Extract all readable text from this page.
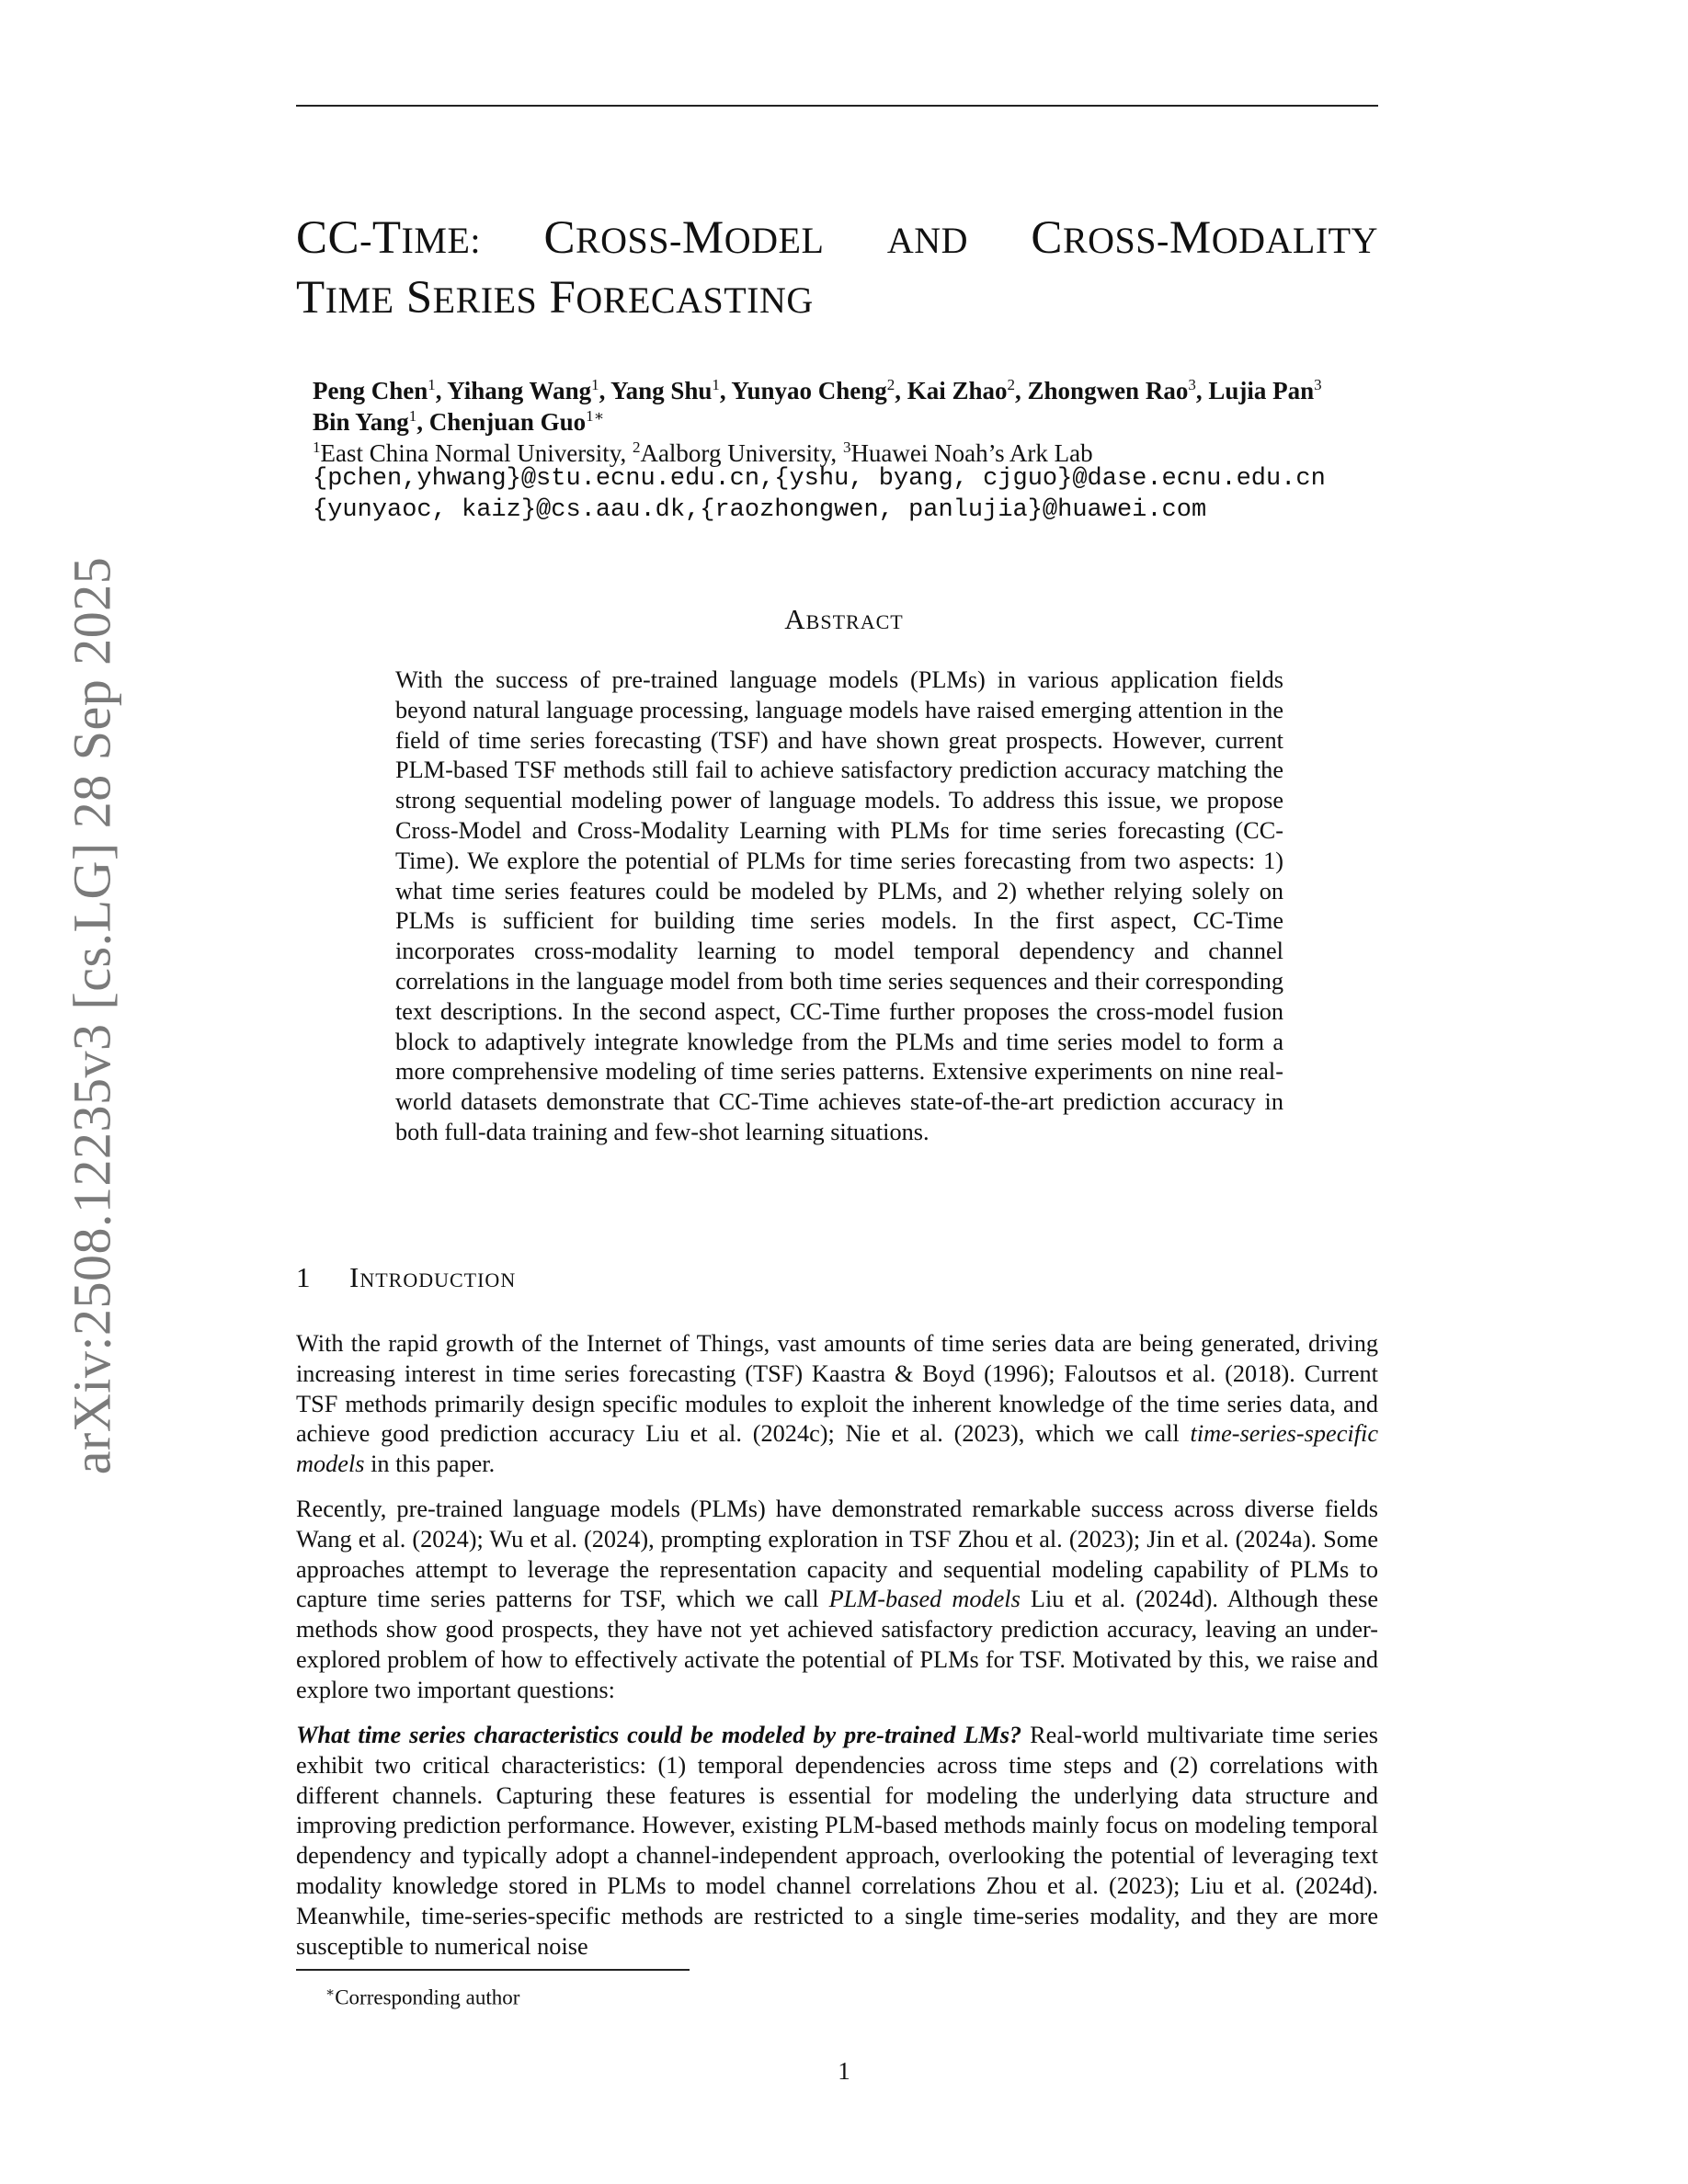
arXiv:2508.12235v3 [cs.LG] 28 Sep 2025
CC-TIME: CROSS-MODEL AND CROSS-MODALITY
TIME SERIES FORECASTING
Peng Chen$^1$, Yihang Wang$^1$, Yang Shu$^1$, Yunyao Cheng$^2$, Kai Zhao$^2$, Zhongwen Rao$^3$, Lujia Pan$^3$
Bin Yang$^1$, Chenjuan Guo$^{1∗}$
$^1$East China Normal University, $^2$Aalborg University, $^3$Huawei Noah’s Ark Lab
{pchen,yhwang}@stu.ecnu.edu.cn,{yshu, byang, cjguo}@dase.ecnu.edu.cn
{yunyaoc, kaiz}@cs.aau.dk,{raozhongwen, panlujia}@huawei.com
Abstract
With the success of pre-trained language models (PLMs) in various application fields beyond natural language processing, language models have raised emerging attention in the field of time series forecasting (TSF) and have shown great prospects. However, current PLM-based TSF methods still fail to achieve satisfactory prediction accuracy matching the strong sequential modeling power of language models. To address this issue, we propose Cross-Model and Cross-Modality Learning with PLMs for time series forecasting (CC-Time). We explore the potential of PLMs for time series forecasting from two aspects: 1) what time series features could be modeled by PLMs, and 2) whether relying solely on PLMs is sufficient for building time series models. In the first aspect, CC-Time incorporates cross-modality learning to model temporal dependency and channel correlations in the language model from both time series sequences and their corresponding text descriptions. In the second aspect, CC-Time further proposes the cross-model fusion block to adaptively integrate knowledge from the PLMs and time series model to form a more comprehensive modeling of time series patterns. Extensive experiments on nine real-world datasets demonstrate that CC-Time achieves state-of-the-art prediction accuracy in both full-data training and few-shot learning situations.
1 Introduction

With the rapid growth of the Internet of Things, vast amounts of time series data are being generated, driving increasing interest in time series forecasting (TSF) Kaastra & Boyd (1996); Faloutsos et al. (2018). Current TSF methods primarily design specific modules to exploit the inherent knowledge of the time series data, and achieve good prediction accuracy Liu et al. (2024c); Nie et al. (2023), which we call time-series-specific models in this paper.

Recently, pre-trained language models (PLMs) have demonstrated remarkable success across diverse fields Wang et al. (2024); Wu et al. (2024), prompting exploration in TSF Zhou et al. (2023); Jin et al. (2024a). Some approaches attempt to leverage the representation capacity and sequential modeling capability of PLMs to capture time series patterns for TSF, which we call PLM-based models Liu et al. (2024d). Although these methods show good prospects, they have not yet achieved satisfactory prediction accuracy, leaving an under-explored problem of how to effectively activate the potential of PLMs for TSF. Motivated by this, we raise and explore two important questions:

What time series characteristics could be modeled by pre-trained LMs? Real-world multivariate time series exhibit two critical characteristics: (1) temporal dependencies across time steps and (2) correlations with different channels. Capturing these features is essential for modeling the underlying data structure and improving prediction performance. However, existing PLM-based methods mainly focus on modeling temporal dependency and typically adopt a channel-independent approach, overlooking the potential of leveraging text modality knowledge stored in PLMs to model channel correlations Zhou et al. (2023); Liu et al. (2024d). Meanwhile, time-series-specific methods are restricted to a single time-series modality, and they are more susceptible to numerical noise

∗Corresponding author
1
